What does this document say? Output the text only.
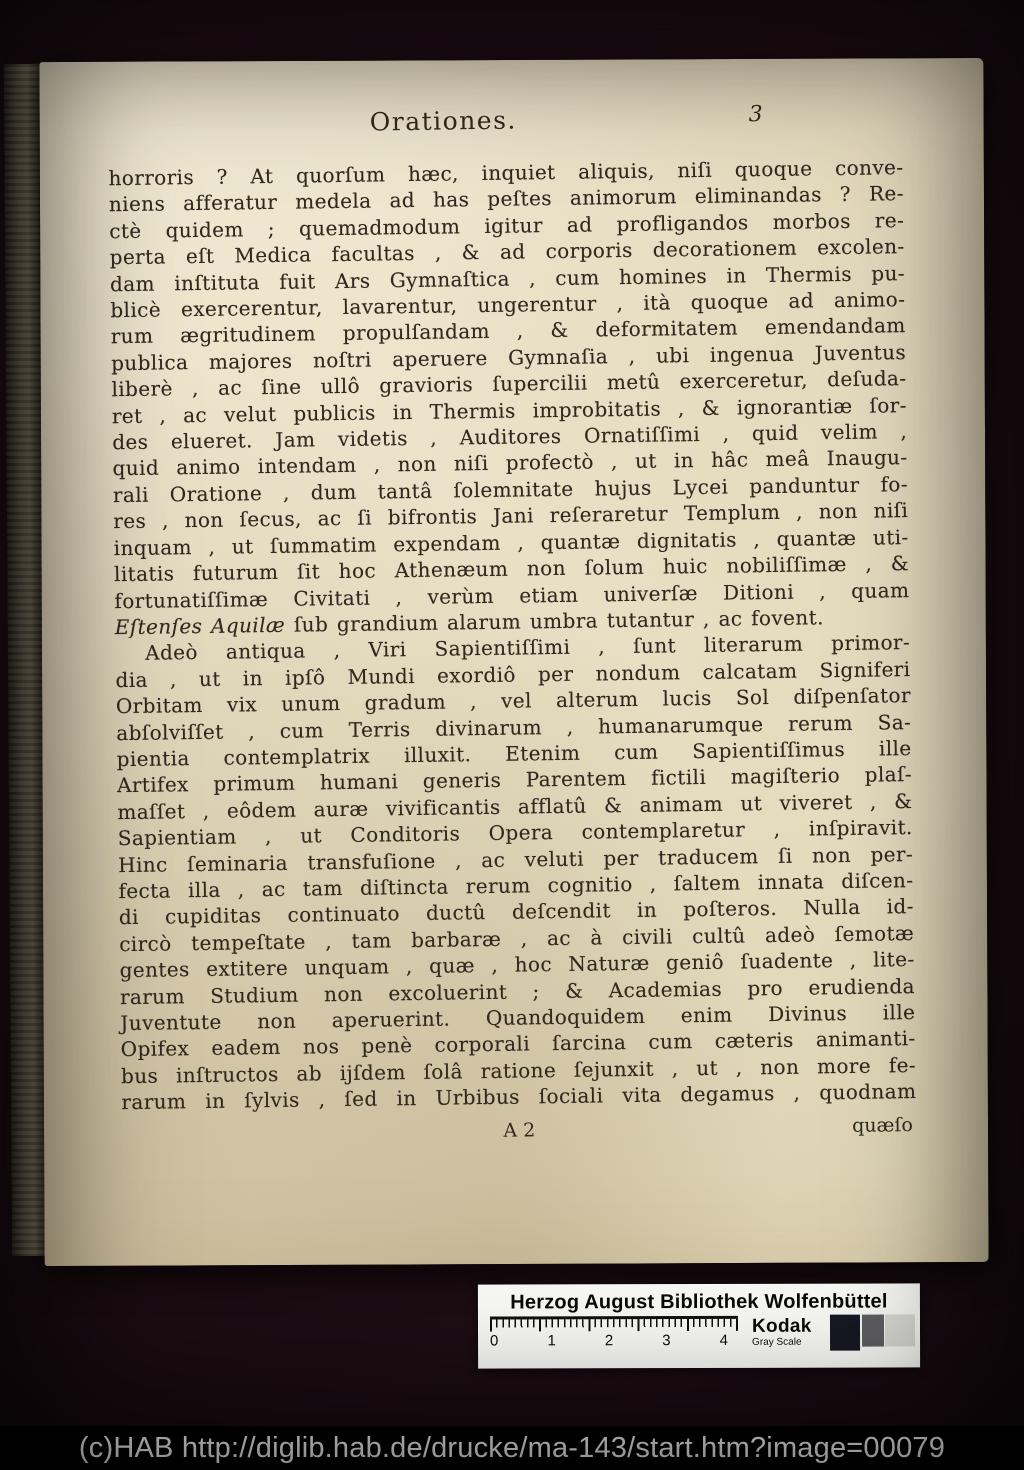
Orationes.	3
horroris ? At quorſum hæc, inquiet aliquis, niſi quoque conve-
niens afferatur medela ad has peſtes animorum eliminandas ? Re-
ctè quidem ; quemadmodum igitur ad profligandos morbos re-
perta eſt Medica facultas , & ad corporis decorationem excolen-
dam inſtituta fuit Ars Gymnaſtica , cum homines in Thermis pu-
blicè exercerentur, lavarentur, ungerentur , ità quoque ad animo-
rum ægritudinem propulſandam , & deformitatem emendandam
publica majores noſtri aperuere Gymnaſia , ubi ingenua Juventus
liberè , ac ſine ullô gravioris ſupercilii metû exerceretur, deſuda-
ret , ac velut publicis in Thermis improbitatis , & ignorantiæ ſor-
des elueret. Jam videtis , Auditores Ornatiſſimi , quid velim ,
quid animo intendam , non niſi profectò , ut in hâc meâ Inaugu-
rali Oratione , dum tantâ ſolemnitate hujus Lycei panduntur fo-
res , non ſecus, ac ſi bifrontis Jani reſeraretur Templum , non niſi
inquam , ut ſummatim expendam , quantæ dignitatis , quantæ uti-
litatis futurum ſit hoc Athenæum non ſolum huic nobiliſſimæ , &
fortunatiſſimæ Civitati , verùm etiam univerſæ Ditioni , quam
Eſtenſes Aquilæ ſub grandium alarum umbra tutantur , ac fovent.
Adeò antiqua , Viri Sapientiſſimi , ſunt literarum primor-
dia , ut in ipſô Mundi exordiô per nondum calcatam Signiferi
Orbitam vix unum gradum , vel alterum lucis Sol diſpenſator
abſolviſſet , cum Terris divinarum , humanarumque rerum Sa-
pientia contemplatrix illuxit. Etenim cum Sapientiſſimus ille
Artifex primum humani generis Parentem fictili magiſterio plaſ-
maſſet , eôdem auræ vivificantis afflatû & animam ut viveret , &
Sapientiam , ut Conditoris Opera contemplaretur , inſpiravit.
Hinc ſeminaria transfuſione , ac veluti per traducem ſi non per-
fecta illa , ac tam diſtincta rerum cognitio , ſaltem innata diſcen-
di cupiditas continuato ductû deſcendit in poſteros. Nulla id-
circò tempeſtate , tam barbaræ , ac à civili cultû adeò ſemotæ
gentes extitere unquam , quæ , hoc Naturæ geniô ſuadente , lite-
rarum Studium non excoluerint ; & Academias pro erudienda
Juventute non aperuerint. Quandoquidem enim Divinus ille
Opifex eadem nos penè corporali ſarcina cum cæteris animanti-
bus inſtructos ab ijſdem ſolâ ratione ſejunxit , ut , non more fe-
rarum in ſylvis , ſed in Urbibus ſociali vita degamus , quodnam
A 2	quæſo
Herzog August Bibliothek Wolfenbüttel
0	1	2	3	4
Kodak
Gray Scale
(c)HAB http://diglib.hab.de/drucke/ma-143/start.htm?image=00079
